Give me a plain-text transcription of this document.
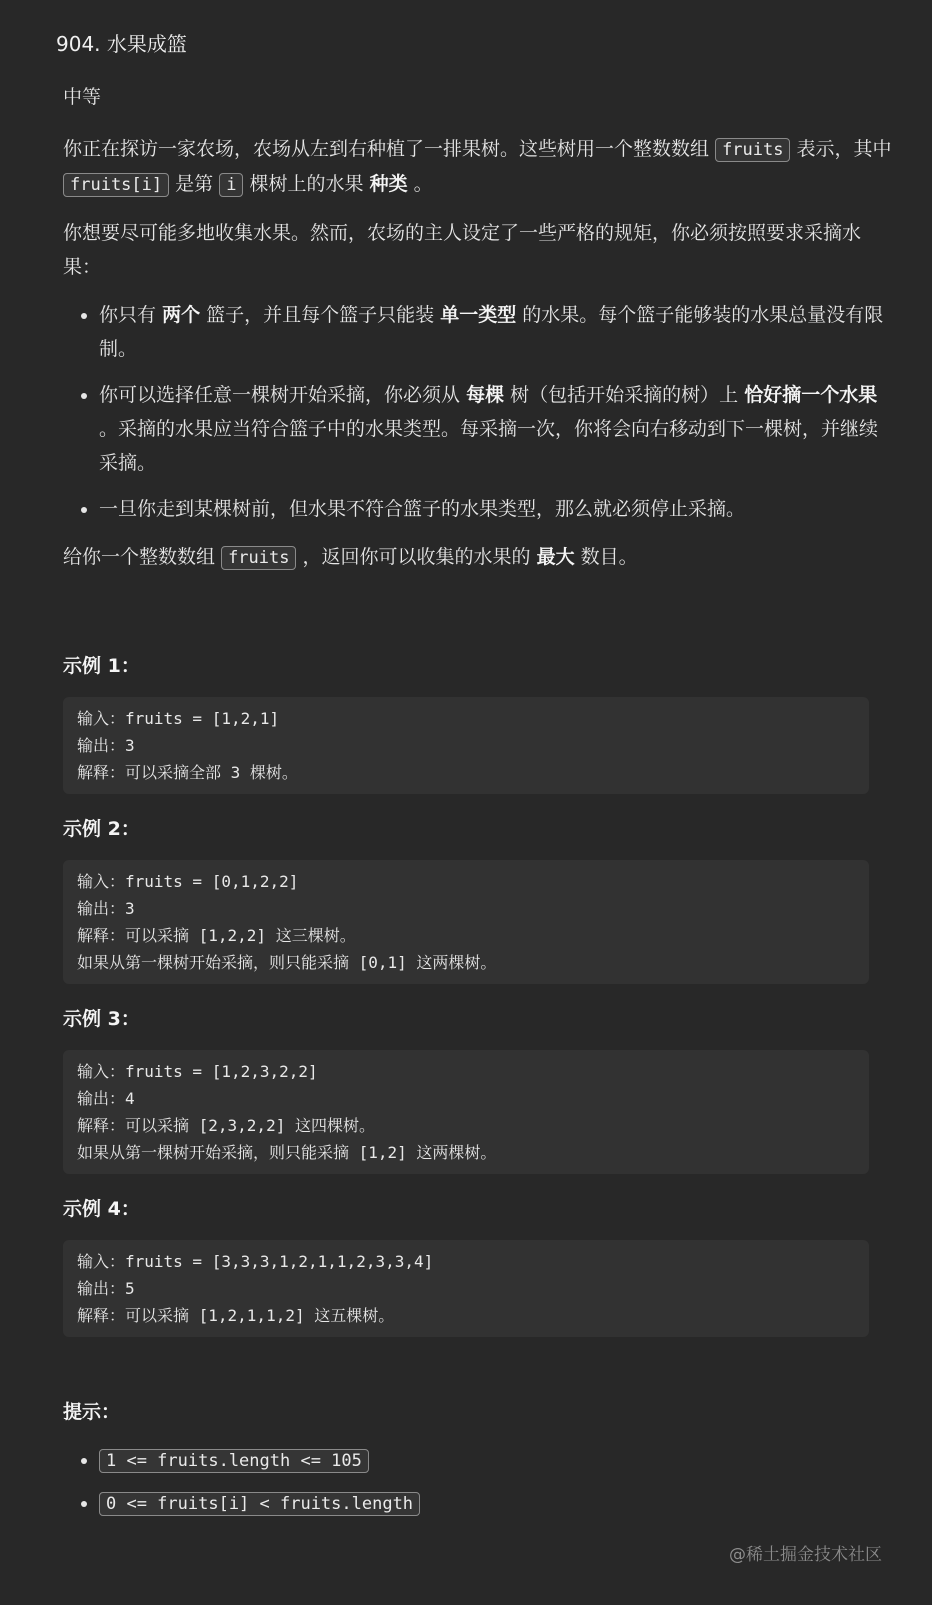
904. 水果成篮
中等

你正在探访一家农场，农场从左到右种植了一排果树。这些树用一个整数数组 fruits 表示，其中 fruits[i] 是第 i 棵树上的水果 种类 。

你想要尽可能多地收集水果。然而，农场的主人设定了一些严格的规矩，你必须按照要求采摘水果：

• 你只有 两个 篮子，并且每个篮子只能装 单一类型 的水果。每个篮子能够装的水果总量没有限制。
• 你可以选择任意一棵树开始采摘，你必须从 每棵 树（包括开始采摘的树）上 恰好摘一个水果 。采摘的水果应当符合篮子中的水果类型。每采摘一次，你将会向右移动到下一棵树，并继续采摘。
• 一旦你走到某棵树前，但水果不符合篮子的水果类型，那么就必须停止采摘。

给你一个整数数组 fruits ，返回你可以收集的水果的 最大 数目。

示例 1：
输入：fruits = [1,2,1]
输出：3
解释：可以采摘全部 3 棵树。
示例 2：
输入：fruits = [0,1,2,2]
输出：3
解释：可以采摘 [1,2,2] 这三棵树。
如果从第一棵树开始采摘，则只能采摘 [0,1] 这两棵树。
示例 3：
输入：fruits = [1,2,3,2,2]
输出：4
解释：可以采摘 [2,3,2,2] 这四棵树。
如果从第一棵树开始采摘，则只能采摘 [1,2] 这两棵树。
示例 4：
输入：fruits = [3,3,3,1,2,1,1,2,3,3,4]
输出：5
解释：可以采摘 [1,2,1,1,2] 这五棵树。
提示：
• 1 <= fruits.length <= 105
• 0 <= fruits[i] < fruits.length
@稀土掘金技术社区
